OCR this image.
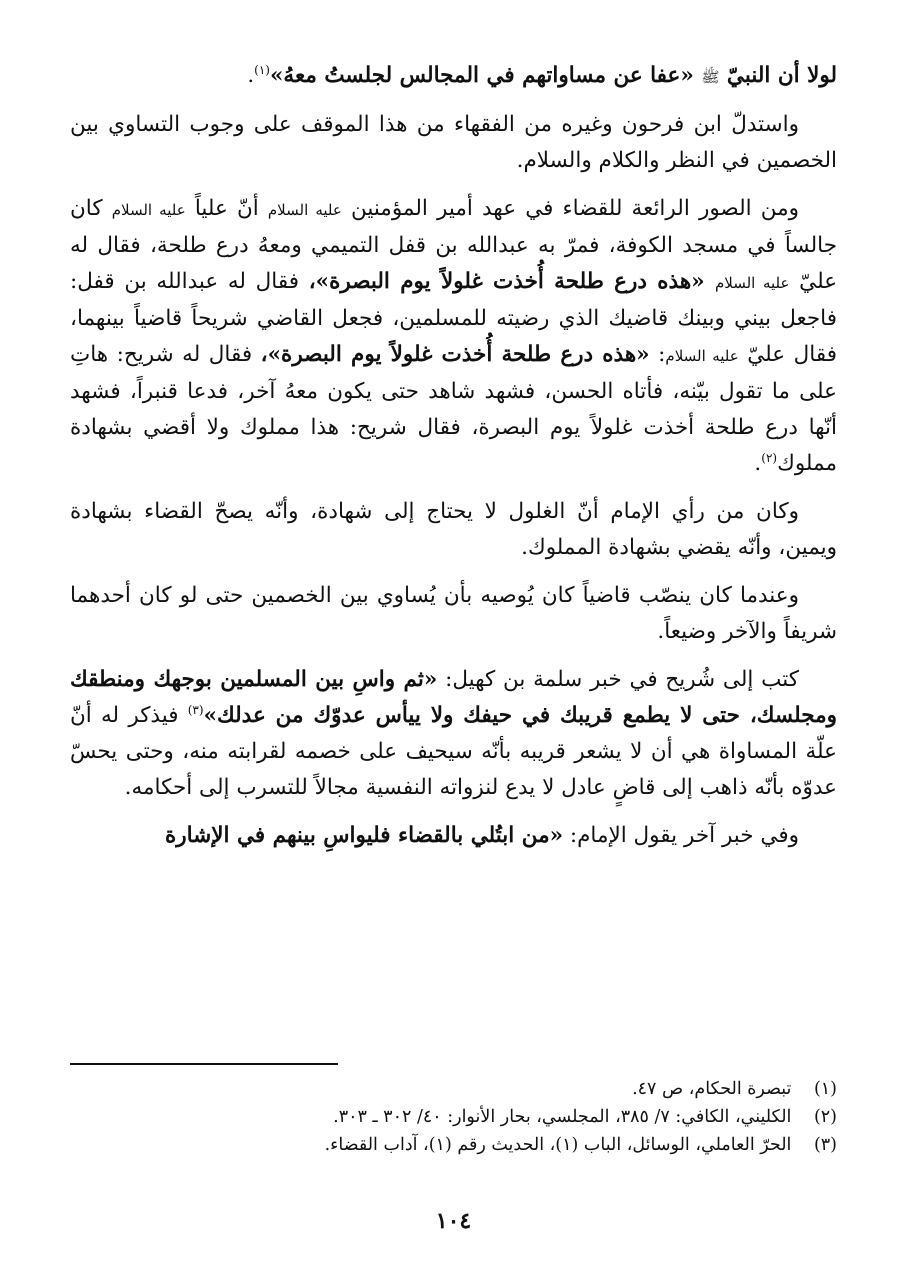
لولا أن النبيّ ﷺ «عفا عن مساواتهم في المجالس لجلستُ معهُ»$^{(١)}$.

واستدلّ ابن فرحون وغيره من الفقهاء من هذا الموقف على وجوب التساوي بين الخصمين في النظر والكلام والسلام.

ومن الصور الرائعة للقضاء في عهد أمير المؤمنين عليه السلام أنّ علياً عليه السلام كان جالساً في مسجد الكوفة، فمرّ به عبدالله بن قفل التميمي ومعهُ درع طلحة، فقال له عليّ عليه السلام «هذه درع طلحة أُخذت غلولاً يوم البصرة»، فقال له عبدالله بن قفل: فاجعل بيني وبينك قاضيك الذي رضيته للمسلمين، فجعل القاضي شريحاً قاضياً بينهما، فقال عليّ عليه السلام: «هذه درع طلحة أُخذت غلولاً يوم البصرة»، فقال له شريح: هاتِ على ما تقول بيّنه، فأتاه الحسن، فشهد شاهد حتى يكون معهُ آخر، فدعا قنبراً، فشهد أنّها درع طلحة أخذت غلولاً يوم البصرة، فقال شريح: هذا مملوك ولا أقضي بشهادة مملوك$^{(٢)}$.

وكان من رأي الإمام أنّ الغلول لا يحتاج إلى شهادة، وأنّه يصحّ القضاء بشهادة ويمين، وأنّه يقضي بشهادة المملوك.

وعندما كان ينصّب قاضياً كان يُوصيه بأن يُساوي بين الخصمين حتى لو كان أحدهما شريفاً والآخر وضيعاً.

كتب إلى شُريح في خبر سلمة بن كهيل: «ثم واسِ بين المسلمين بوجهك ومنطقك ومجلسك، حتى لا يطمع قريبك في حيفك ولا ييأس عدوّك من عدلك»$^{(٣)}$ فيذكر له أنّ علّة المساواة هي أن لا يشعر قريبه بأنّه سيحيف على خصمه لقرابته منه، وحتى يحسّ عدوّه بأنّه ذاهب إلى قاضٍ عادل لا يدع لنزواته النفسية مجالاً للتسرب إلى أحكامه.

وفي خبر آخر يقول الإمام: «من ابتُلي بالقضاء فليواسِ بينهم في الإشارة

(١) تبصرة الحكام، ص ٤٧.
(٢) الكليني، الكافي: ٧/ ٣٨٥، المجلسي، بحار الأنوار: ٤٠/ ٣٠٢ ـ ٣٠٣.
(٣) الحرّ العاملي، الوسائل، الباب (١)، الحديث رقم (١)، آداب القضاء.
١٠٤
